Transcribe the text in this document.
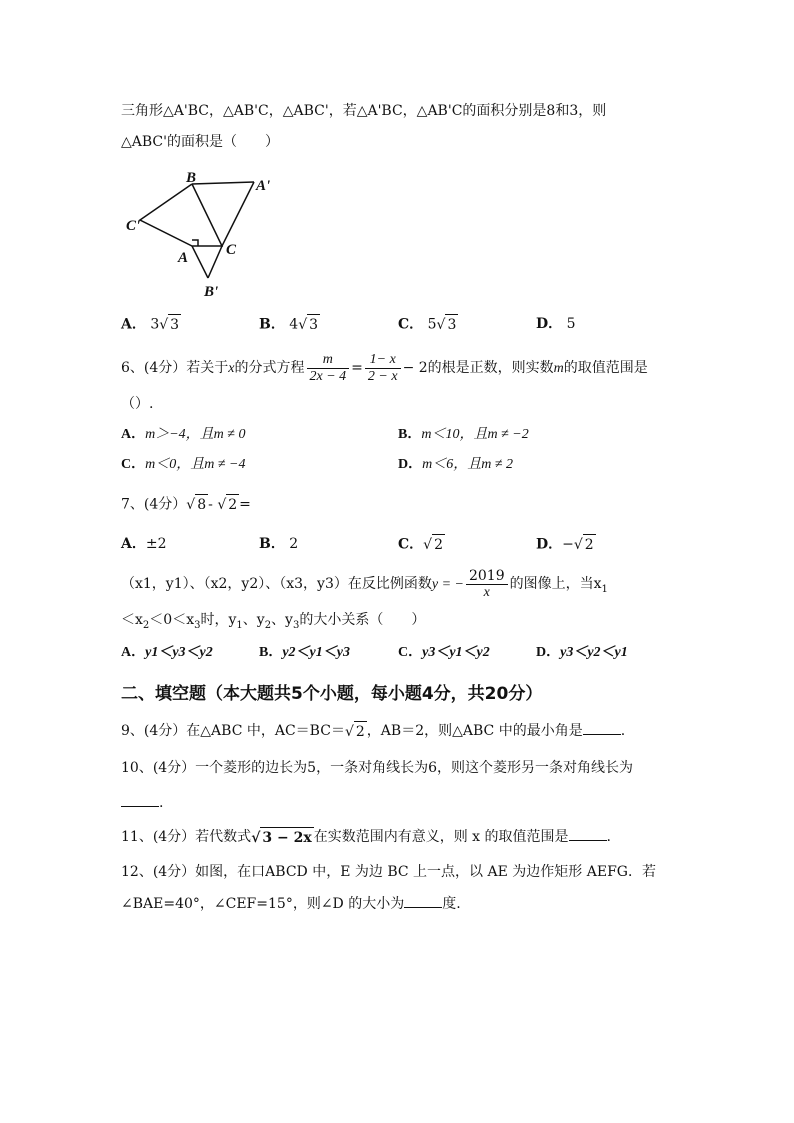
三角形△A'BC，△AB'C，△ABC'，若△A'BC，△AB'C的面积分别是8和3，则
△ABC'的面积是（　　）
B	A'
C'
A	C
B'
A． 3√ 3	B． 4√ 3	C． 5√ 3	D． 5
6、(4分）若关于x的分式方程 $\frac{m}{2x - 4} = \frac{1- x}{2 - x} - 2$的根是正数，则实数m的取值范围是
（）.
A．m＞−4，且m ≠ 0	B．m＜10，且m ≠ −2
C．m＜0，且m ≠ −4	D．m＜6，且m ≠ 2
7、(4分）√ 8 - √ 2 =
A．±2	B． 2	C．√ 2	D．−√ 2
（x1，y1）、（x2，y2）、（x3，y3） 在反比例函数y = − $\frac{2019}{x}$ 的图像上，当$x_1$
$<x_2<0<x_3$时，$y_1$、$y_2$、$y_3$的大小关系（　　）
A．y1＜y3＜y2	B．y2＜y1＜y3	C．y3＜y1＜y2	D．y3＜y2＜y1
二、填空题（本大题共5个小题，每小题4分，共20分）
9、(4分）在△ABC 中，AC＝BC＝√ 2 ，AB＝2，则△ABC 中的最小角是	.
10、(4分）一个菱形的边长为5，一条对角线长为6，则这个菱形另一条对角线长为
.
11、(4分）若代数式√ 3 − 2x 在实数范围内有意义，则 x 的取值范围是	.
12、(4分）如图，在口ABCD 中，E 为边 BC 上一点，以 AE 为边作矩形 AEFG．若
∠BAE=40°，∠CEF=15°，则∠D 的大小为	度.
